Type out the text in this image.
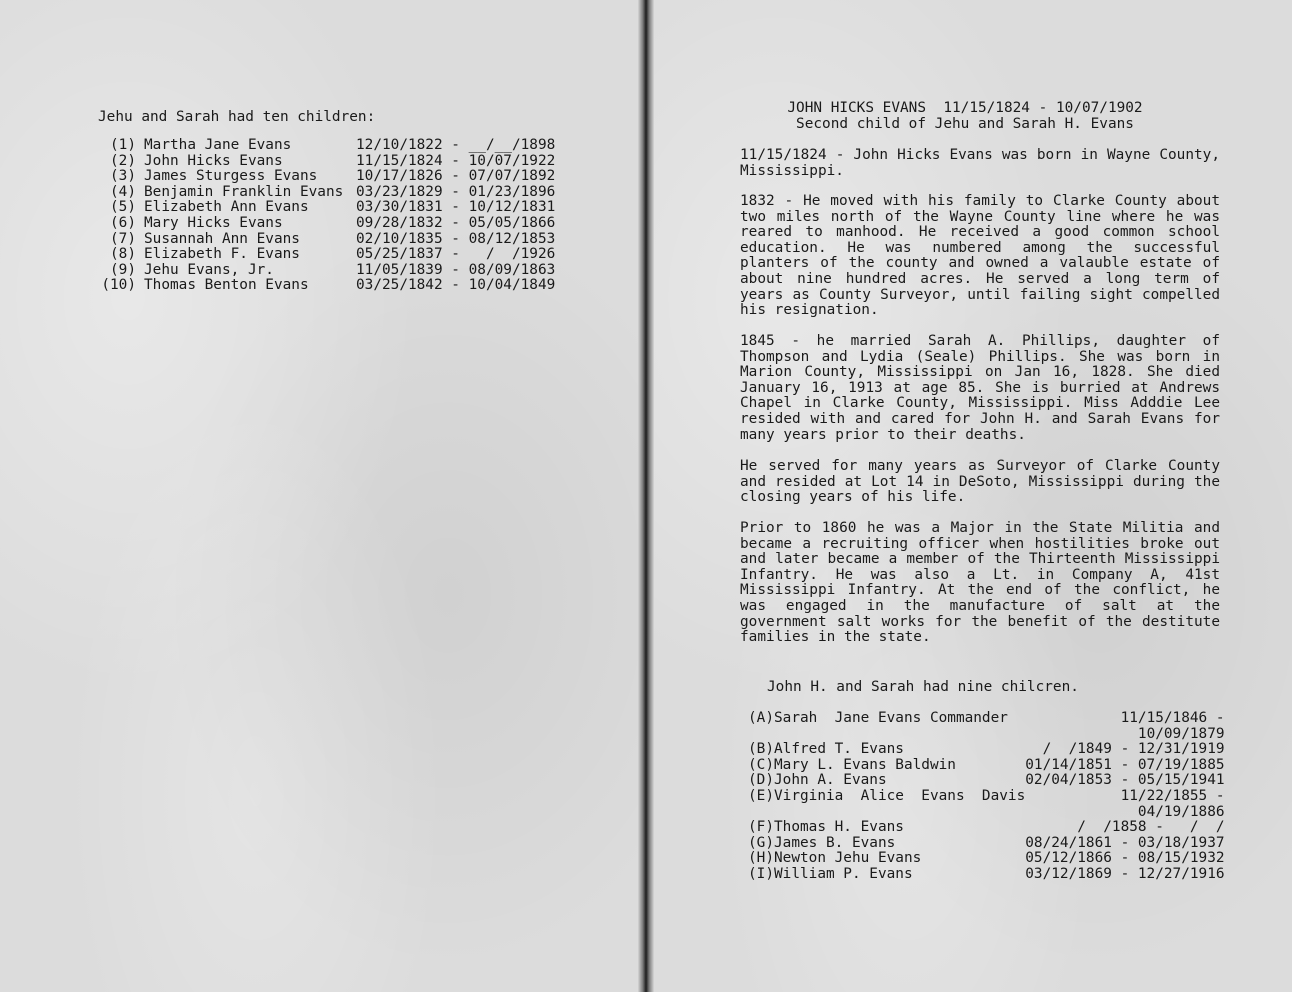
Jehu and Sarah had ten children:
(1)	Martha Jane Evans	12/10/1822 - __/__/1898
(2)	John Hicks Evans	11/15/1824 - 10/07/1922
(3)	James Sturgess Evans	10/17/1826 - 07/07/1892
(4)	Benjamin Franklin Evans	03/23/1829 - 01/23/1896
(5)	Elizabeth Ann Evans	03/30/1831 - 10/12/1831
(6)	Mary Hicks Evans	09/28/1832 - 05/05/1866
(7)	Susannah Ann Evans	02/10/1835 - 08/12/1853
(8)	Elizabeth F. Evans	05/25/1837 -   /  /1926
(9)	Jehu Evans, Jr.	11/05/1839 - 08/09/1863
(10)	Thomas Benton Evans	03/25/1842 - 10/04/1849
JOHN HICKS EVANS  11/15/1824 - 10/07/1902
Second child of Jehu and Sarah H. Evans
11/15/1824 - John Hicks Evans was born in Wayne County, Mississippi.
1832 - He moved with his family to Clarke County about two miles north of the Wayne County line where he was reared to manhood. He received a good common school education. He was numbered among the successful planters of the county and owned a valauble estate of about nine hundred acres. He served a long term of years as County Surveyor, until failing sight compelled his resignation.
1845 - he married Sarah A. Phillips, daughter of Thompson and Lydia (Seale) Phillips. She was born in Marion County, Mississippi on Jan 16, 1828. She died January 16, 1913 at age 85. She is burried at Andrews Chapel in Clarke County, Mississippi. Miss Adddie Lee resided with and cared for John H. and Sarah Evans for many years prior to their deaths.
He served for many years as Surveyor of Clarke County and resided at Lot 14 in DeSoto, Mississippi during the closing years of his life.
Prior to 1860 he was a Major in the State Militia and became a recruiting officer when hostilities broke out and later became a member of the Thirteenth Mississippi Infantry. He was also a Lt. in Company A, 41st Mississippi Infantry. At the end of the conflict, he was engaged in the manufacture of salt at the government salt works for the benefit of the destitute families in the state.
John H. and Sarah had nine chilcren.
(A)	Sarah  Jane Evans Commander	11/15/1846 -
		10/09/1879
(B)	Alfred T. Evans	/  /1849 - 12/31/1919
(C)	Mary L. Evans Baldwin	01/14/1851 - 07/19/1885
(D)	John A. Evans	02/04/1853 - 05/15/1941
(E)	Virginia  Alice  Evans  Davis	11/22/1855 -
		04/19/1886
(F)	Thomas H. Evans	/  /1858 -   /  /
(G)	James B. Evans	08/24/1861 - 03/18/1937
(H)	Newton Jehu Evans	05/12/1866 - 08/15/1932
(I)	William P. Evans	03/12/1869 - 12/27/1916
